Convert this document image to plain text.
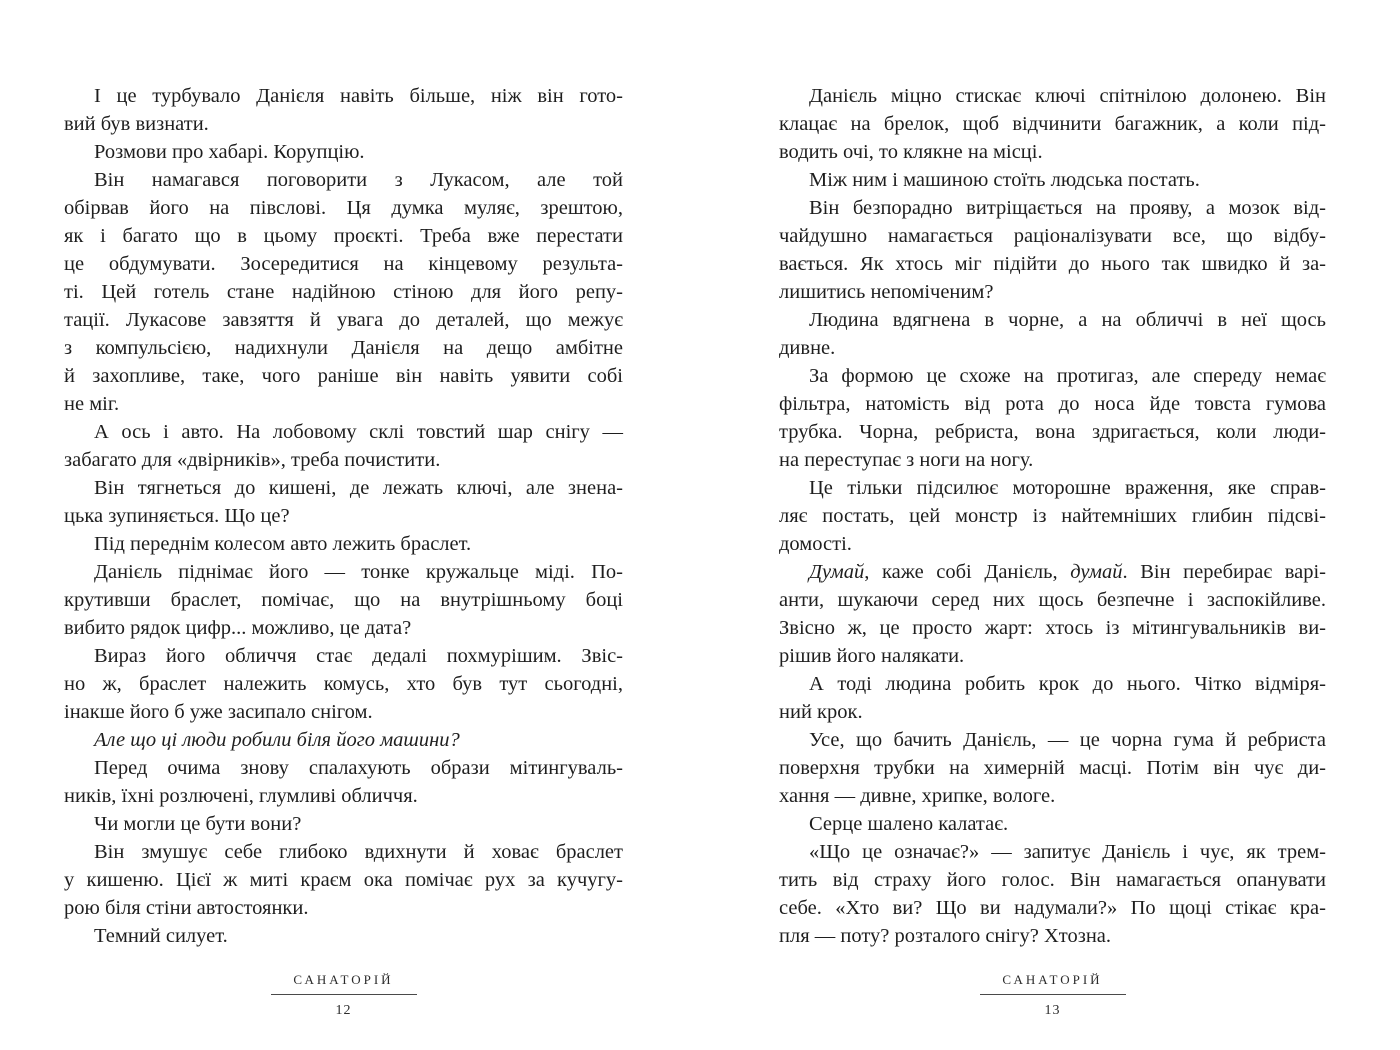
І це турбувало Данієля навіть більше, ніж він гото-
вий був визнати.
Розмови про хабарі. Корупцію.
Він намагався поговорити з Лукасом, але той
обірвав його на півслові. Ця думка муляє, зрештою,
як і багато що в цьому проєкті. Треба вже перестати
це обдумувати. Зосередитися на кінцевому результа-
ті. Цей готель стане надійною стіною для його репу-
тації. Лукасове завзяття й увага до деталей, що межує
з компульсією, надихнули Данієля на дещо амбітне
й захопливе, таке, чого раніше він навіть уявити собі
не міг.
А ось і авто. На лобовому склі товстий шар снігу —
забагато для «двірників», треба почистити.
Він тягнеться до кишені, де лежать ключі, але знена-
цька зупиняється. Що це?
Під переднім колесом авто лежить браслет.
Данієль піднімає його — тонке кружальце міді. По-
крутивши браслет, помічає, що на внутрішньому боці
вибито рядок цифр... можливо, це дата?
Вираз його обличчя стає дедалі похмурішим. Звіс-
но ж, браслет належить комусь, хто був тут сьогодні,
інакше його б уже засипало снігом.
Але що ці люди робили біля його машини?
Перед очима знову спалахують образи мітингуваль-
ників, їхні розлючені, глумливі обличчя.
Чи могли це бути вони?
Він змушує себе глибоко вдихнути й ховає браслет
у кишеню. Цієї ж миті краєм ока помічає рух за кучугу-
рою біля стіни автостоянки.
Темний силует.
САНАТОРІЙ
12
Данієль міцно стискає ключі спітнілою долонею. Він
клацає на брелок, щоб відчинити багажник, а коли під-
водить очі, то клякне на місці.
Між ним і машиною стоїть людська постать.
Він безпорадно витріщається на прояву, а мозок від-
чайдушно намагається раціоналізувати все, що відбу-
вається. Як хтось міг підійти до нього так швидко й за-
лишитись непоміченим?
Людина вдягнена в чорне, а на обличчі в неї щось
дивне.
За формою це схоже на протигаз, але спереду немає
фільтра, натомість від рота до носа йде товста гумова
трубка. Чорна, ребриста, вона здригається, коли люди-
на переступає з ноги на ногу.
Це тільки підсилює моторошне враження, яке справ-
ляє постать, цей монстр із найтемніших глибин підсві-
домості.
Думай, каже собі Данієль, думай. Він перебирає варі-
анти, шукаючи серед них щось безпечне і заспокійливе.
Звісно ж, це просто жарт: хтось із мітингувальників ви-
рішив його налякати.
А тоді людина робить крок до нього. Чітко відміря-
ний крок.
Усе, що бачить Данієль, — це чорна гума й ребриста
поверхня трубки на химерній масці. Потім він чує ди-
хання — дивне, хрипке, вологе.
Серце шалено калатає.
«Що це означає?» — запитує Данієль і чує, як трем-
тить від страху його голос. Він намагається опанувати
себе. «Хто ви? Що ви надумали?» По щоці стікає кра-
пля — поту? розталого снігу? Хтозна.
САНАТОРІЙ
13
